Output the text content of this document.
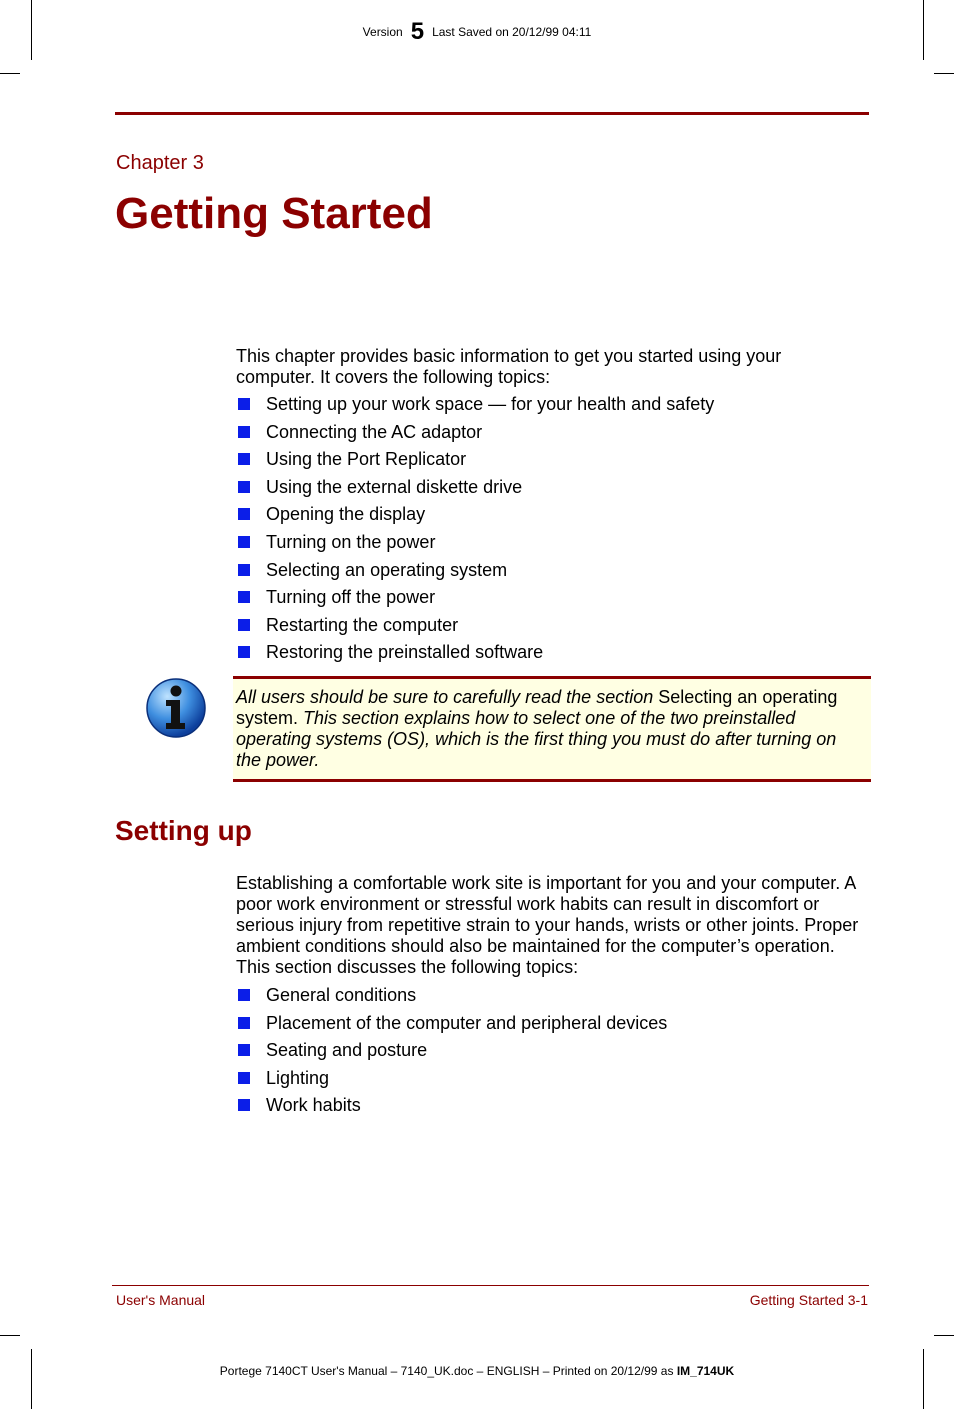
Version 5 Last Saved on 20/12/99 04:11
Chapter 3
Getting Started

This chapter provides basic information to get you started using your computer. It covers the following topics:

Setting up your work space — for your health and safety
Connecting the AC adaptor
Using the Port Replicator
Using the external diskette drive
Opening the display
Turning on the power
Selecting an operating system
Turning off the power
Restarting the computer
Restoring the preinstalled software

All users should be sure to carefully read the section Selecting an operating system. This section explains how to select one of the two preinstalled operating systems (OS), which is the first thing you must do after turning on the power.

Setting up

Establishing a comfortable work site is important for you and your computer. A poor work environment or stressful work habits can result in discomfort or serious injury from repetitive strain to your hands, wrists or other joints. Proper ambient conditions should also be maintained for the computer’s operation. This section discusses the following topics:

General conditions
Placement of the computer and peripheral devices
Seating and posture
Lighting
Work habits
User's Manual	Getting Started 3-1
Portege 7140CT User's Manual – 7140_UK.doc – ENGLISH – Printed on 20/12/99 as IM_714UK
